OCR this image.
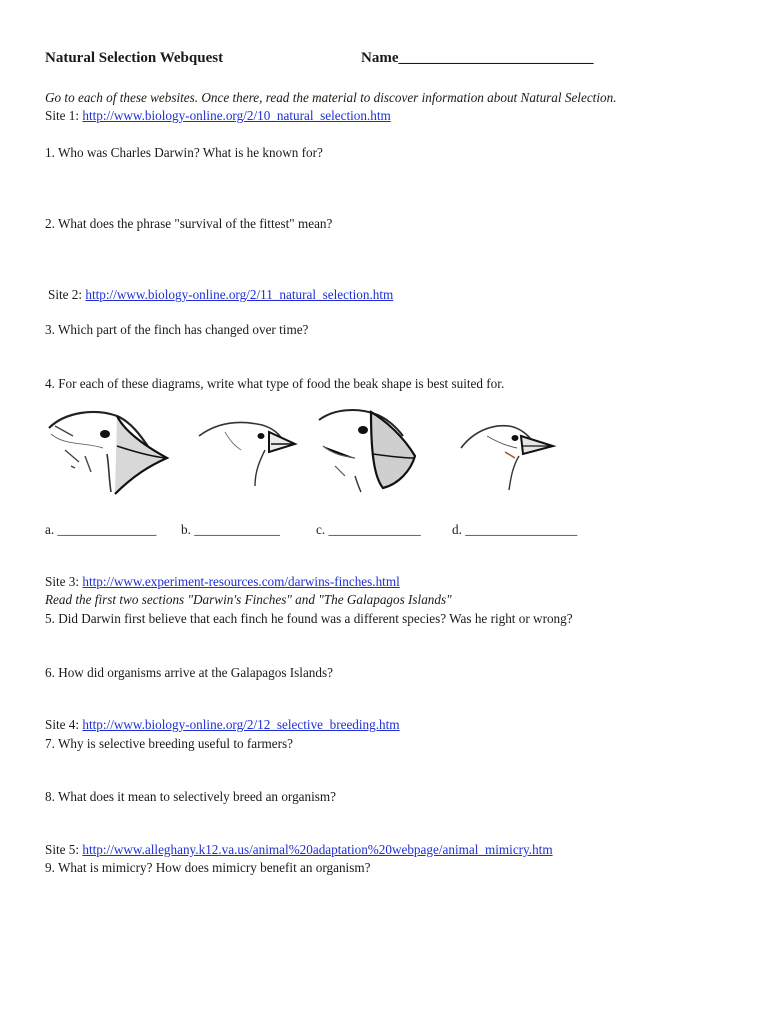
Natural Selection Webquest	Name__________________________
Go to each of these websites. Once there, read the material to discover information about Natural Selection.
Site 1: http://www.biology-online.org/2/10_natural_selection.htm
1. Who was Charles Darwin? What is he known for?
2. What does the phrase "survival of the fittest" mean?
Site 2: http://www.biology-online.org/2/11_natural_selection.htm
3. Which part of the finch has changed over time?
4. For each of these diagrams, write what type of food the beak shape is best suited for.
a. _______________ b. _____________	c. ______________ d. _________________
Site 3: http://www.experiment-resources.com/darwins-finches.html
Read the first two sections "Darwin's Finches" and "The Galapagos Islands"
5. Did Darwin first believe that each finch he found was a different species? Was he right or wrong?
6. How did organisms arrive at the Galapagos Islands?
Site 4: http://www.biology-online.org/2/12_selective_breeding.htm
7. Why is selective breeding useful to farmers?
8. What does it mean to selectively breed an organism?
Site 5: http://www.alleghany.k12.va.us/animal%20adaptation%20webpage/animal_mimicry.htm
9. What is mimicry? How does mimicry benefit an organism?
